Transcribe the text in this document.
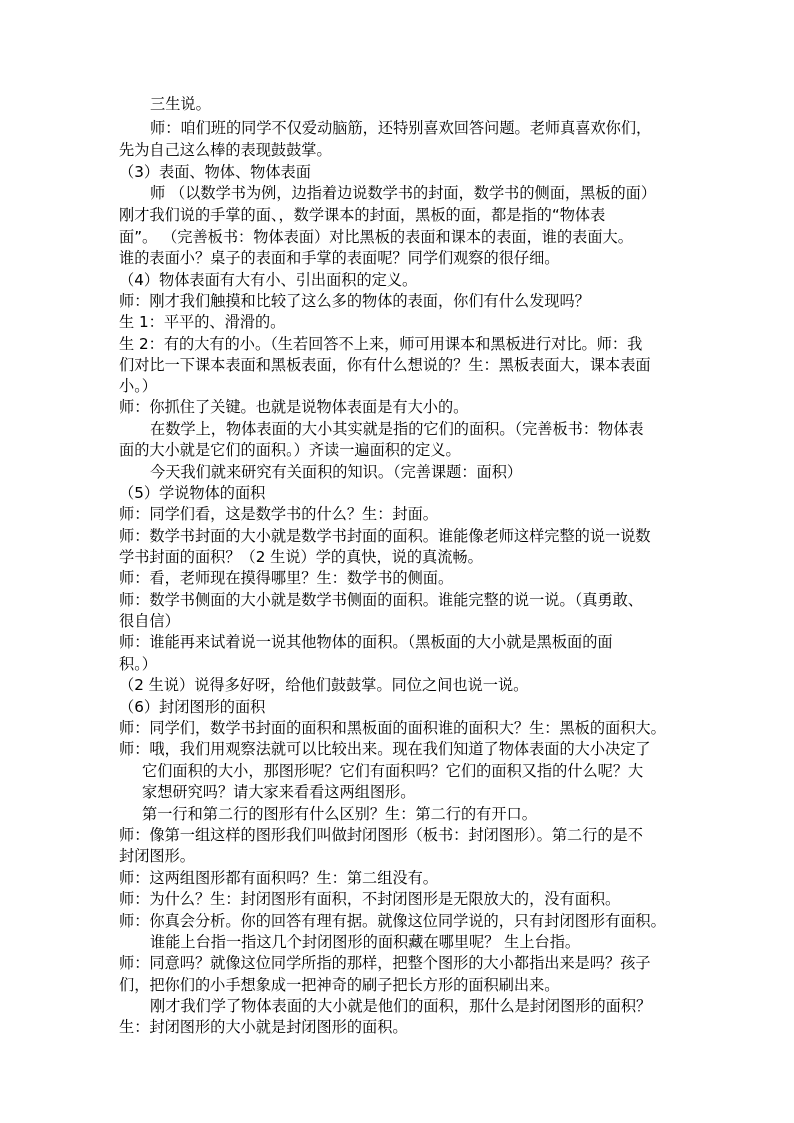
三生说。
师：咱们班的同学不仅爱动脑筋，还特别喜欢回答问题。老师真喜欢你们，
先为自己这么棒的表现鼓鼓掌。
（3）表面、物体、物体表面
师 （以数学书为例，边指着边说数学书的封面，数学书的侧面，黑板的面）
刚才我们说的手掌的面、，数学课本的封面，黑板的面，都是指的“物体表
面”。 （完善板书：物体表面）对比黑板的表面和课本的表面，谁的表面大。
谁的表面小？桌子的表面和手掌的表面呢？同学们观察的很仔细。
（4）物体表面有大有小、引出面积的定义。
师：刚才我们触摸和比较了这么多的物体的表面，你们有什么发现吗？
生 1：平平的、滑滑的。
生 2：有的大有的小。（生若回答不上来，师可用课本和黑板进行对比。师：我
们对比一下课本表面和黑板表面，你有什么想说的？生：黑板表面大，课本表面
小。）
师：你抓住了关键。也就是说物体表面是有大小的。
在数学上，物体表面的大小其实就是指的它们的面积。（完善板书：物体表
面的大小就是它们的面积。）齐读一遍面积的定义。
今天我们就来研究有关面积的知识。（完善课题：面积）
（5）学说物体的面积
师：同学们看，这是数学书的什么？生：封面。
师：数学书封面的大小就是数学书封面的面积。谁能像老师这样完整的说一说数
学书封面的面积？（2 生说）学的真快，说的真流畅。
师：看，老师现在摸得哪里？生：数学书的侧面。
师：数学书侧面的大小就是数学书侧面的面积。谁能完整的说一说。（真勇敢、
很自信）
师：谁能再来试着说一说其他物体的面积。（黑板面的大小就是黑板面的面
积。）
（2 生说）说得多好呀，给他们鼓鼓掌。同位之间也说一说。
（6）封闭图形的面积
师：同学们，数学书封面的面积和黑板面的面积谁的面积大？生：黑板的面积大。
师：哦，我们用观察法就可以比较出来。现在我们知道了物体表面的大小决定了
它们面积的大小，那图形呢？它们有面积吗？它们的面积又指的什么呢？大
家想研究吗？请大家来看看这两组图形。
第一行和第二行的图形有什么区别？生：第二行的有开口。
师：像第一组这样的图形我们叫做封闭图形（板书：封闭图形）。第二行的是不
封闭图形。
师：这两组图形都有面积吗？生：第二组没有。
师：为什么？生：封闭图形有面积，不封闭图形是无限放大的，没有面积。
师：你真会分析。你的回答有理有据。就像这位同学说的，只有封闭图形有面积。
谁能上台指一指这几个封闭图形的面积藏在哪里呢？ 生上台指。
师：同意吗？就像这位同学所指的那样，把整个图形的大小都指出来是吗？孩子
们，把你们的小手想象成一把神奇的刷子把长方形的面积刷出来。
刚才我们学了物体表面的大小就是他们的面积，那什么是封闭图形的面积？
生：封闭图形的大小就是封闭图形的面积。
